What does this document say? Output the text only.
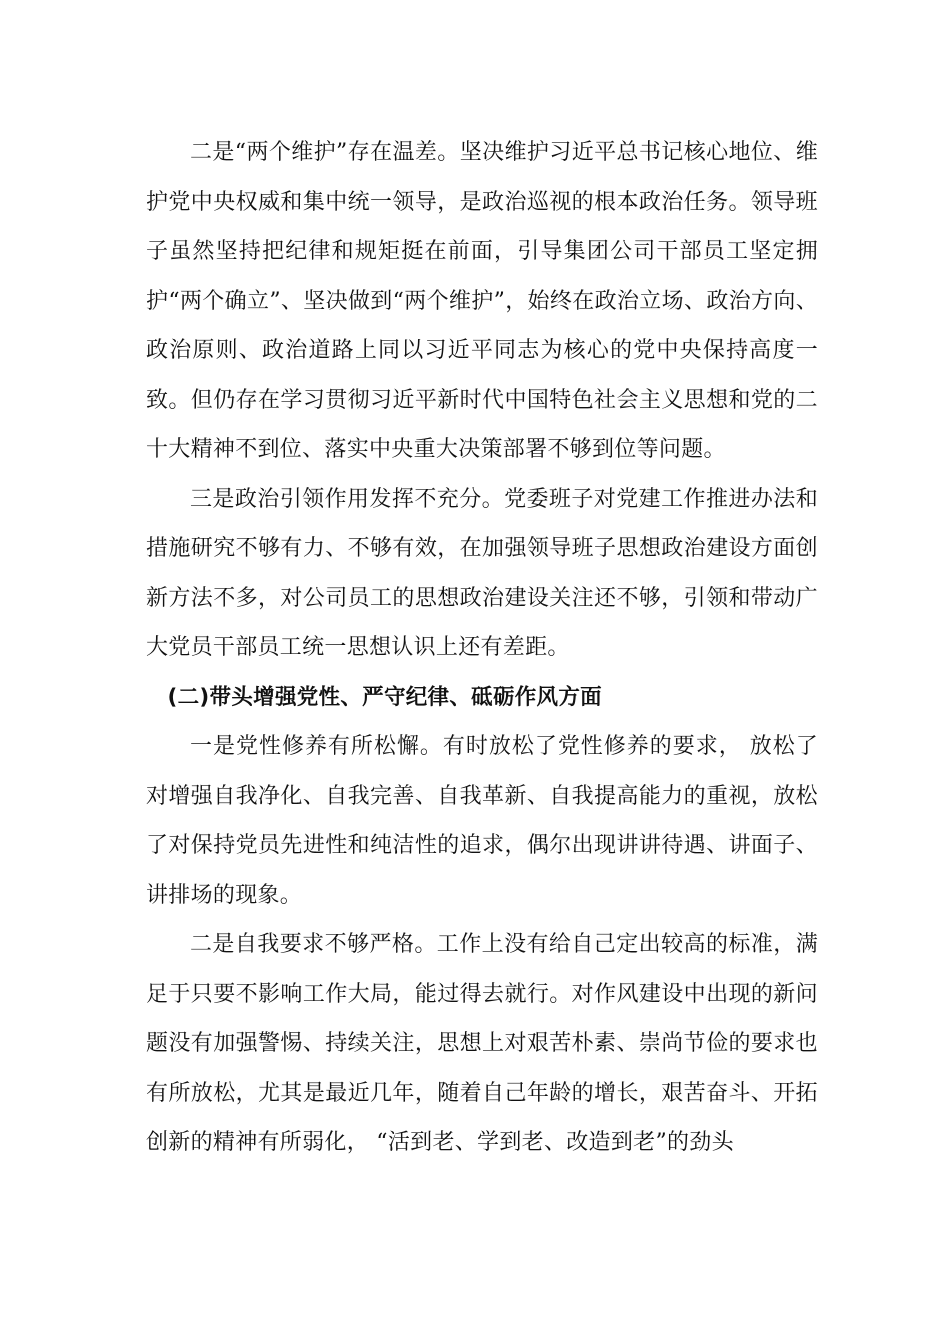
二是“两个维护”存在温差。坚决维护习近平总书记核心地位、维护党中央权威和集中统一领导，是政治巡视的根本政治任务。领导班子虽然坚持把纪律和规矩挺在前面，引导集团公司干部员工坚定拥护“两个确立”、坚决做到“两个维护”，始终在政治立场、政治方向、政治原则、政治道路上同以习近平同志为核心的党中央保持高度一致。但仍存在学习贯彻习近平新时代中国特色社会主义思想和党的二十大精神不到位、落实中央重大决策部署不够到位等问题。

三是政治引领作用发挥不充分。党委班子对党建工作推进办法和措施研究不够有力、不够有效，在加强领导班子思想政治建设方面创新方法不多，对公司员工的思想政治建设关注还不够，引领和带动广大党员干部员工统一思想认识上还有差距。

(二)带头增强党性、严守纪律、砥砺作风方面

一是党性修养有所松懈。有时放松了党性修养的要求， 放松了对增强自我净化、自我完善、自我革新、自我提高能力的重视，放松了对保持党员先进性和纯洁性的追求，偶尔出现讲讲待遇、讲面子、讲排场的现象。

二是自我要求不够严格。工作上没有给自己定出较高的标准，满足于只要不影响工作大局，能过得去就行。对作风建设中出现的新问题没有加强警惕、持续关注，思想上对艰苦朴素、崇尚节俭的要求也有所放松，尤其是最近几年，随着自己年龄的增长，艰苦奋斗、开拓创新的精神有所弱化， “活到老、学到老、改造到老”的劲头
